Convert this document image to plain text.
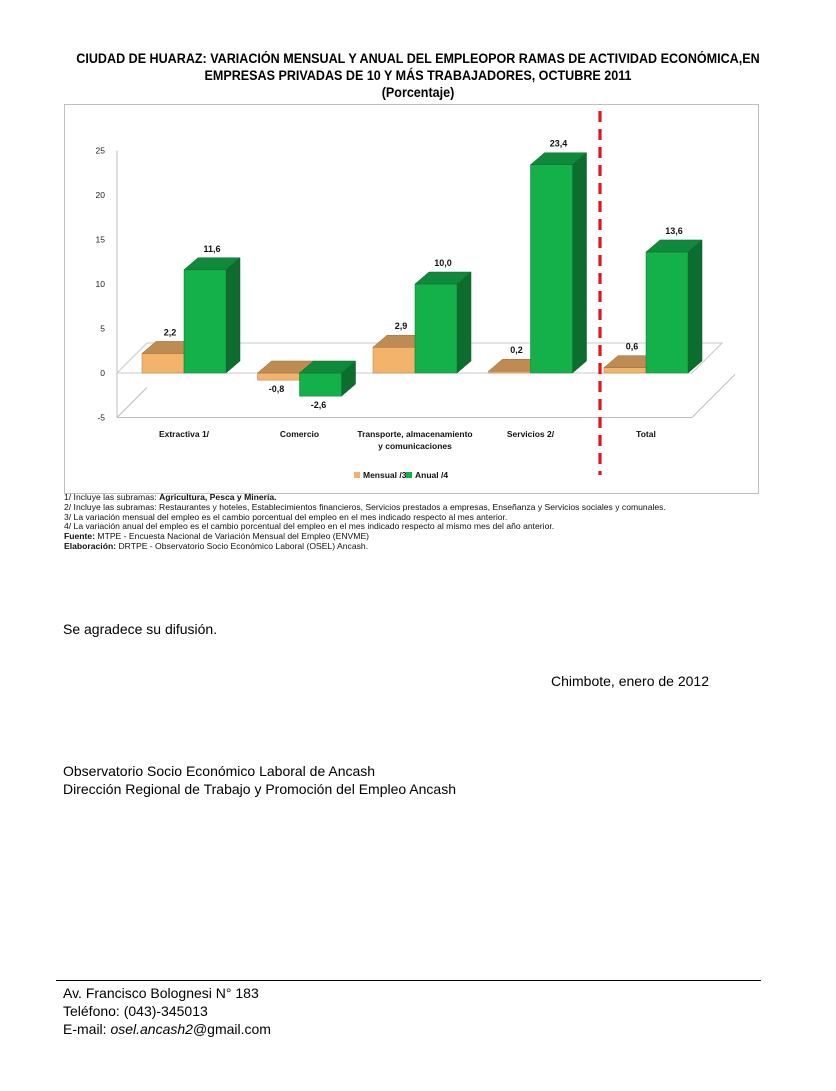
CIUDAD DE HUARAZ: VARIACIÓN MENSUAL Y ANUAL DEL EMPLEOPOR RAMAS DE ACTIVIDAD ECONÓMICA,EN
EMPRESAS PRIVADAS DE 10 Y MÁS TRABAJADORES, OCTUBRE 2011
(Porcentaje)
-5
0
5
10
15
20
25
2,2
11,6
Extractiva 1/
-0,8
-2,6
Comercio
2,9
10,0
Transporte, almacenamiento
y comunicaciones
0,2
23,4
Servicios 2/
0,6
13,6
Total
Mensual /3 Anual /4
1/ Incluye las subramas: Agricultura, Pesca y Minería.
2/ Incluye las subramas: Restaurantes y hoteles, Establecimientos financieros, Servicios prestados a empresas, Enseñanza y Servicios sociales y comunales.
3/ La variación mensual del empleo es el cambio porcentual del empleo en el mes indicado respecto al mes anterior.
4/ La variación anual del empleo es el cambio porcentual del empleo en el mes indicado respecto al mismo mes del año anterior.
Fuente: MTPE - Encuesta Nacional de Variación Mensual del Empleo (ENVME)
Elaboración: DRTPE - Observatorio Socio Económico Laboral (OSEL) Ancash.
Se agradece su difusión.
Chimbote, enero de 2012
Observatorio Socio Económico Laboral de Ancash
Dirección Regional de Trabajo y Promoción del Empleo Ancash
Av. Francisco Bolognesi N° 183
Teléfono: (043)-345013
E-mail: osel.ancash2@gmail.com
